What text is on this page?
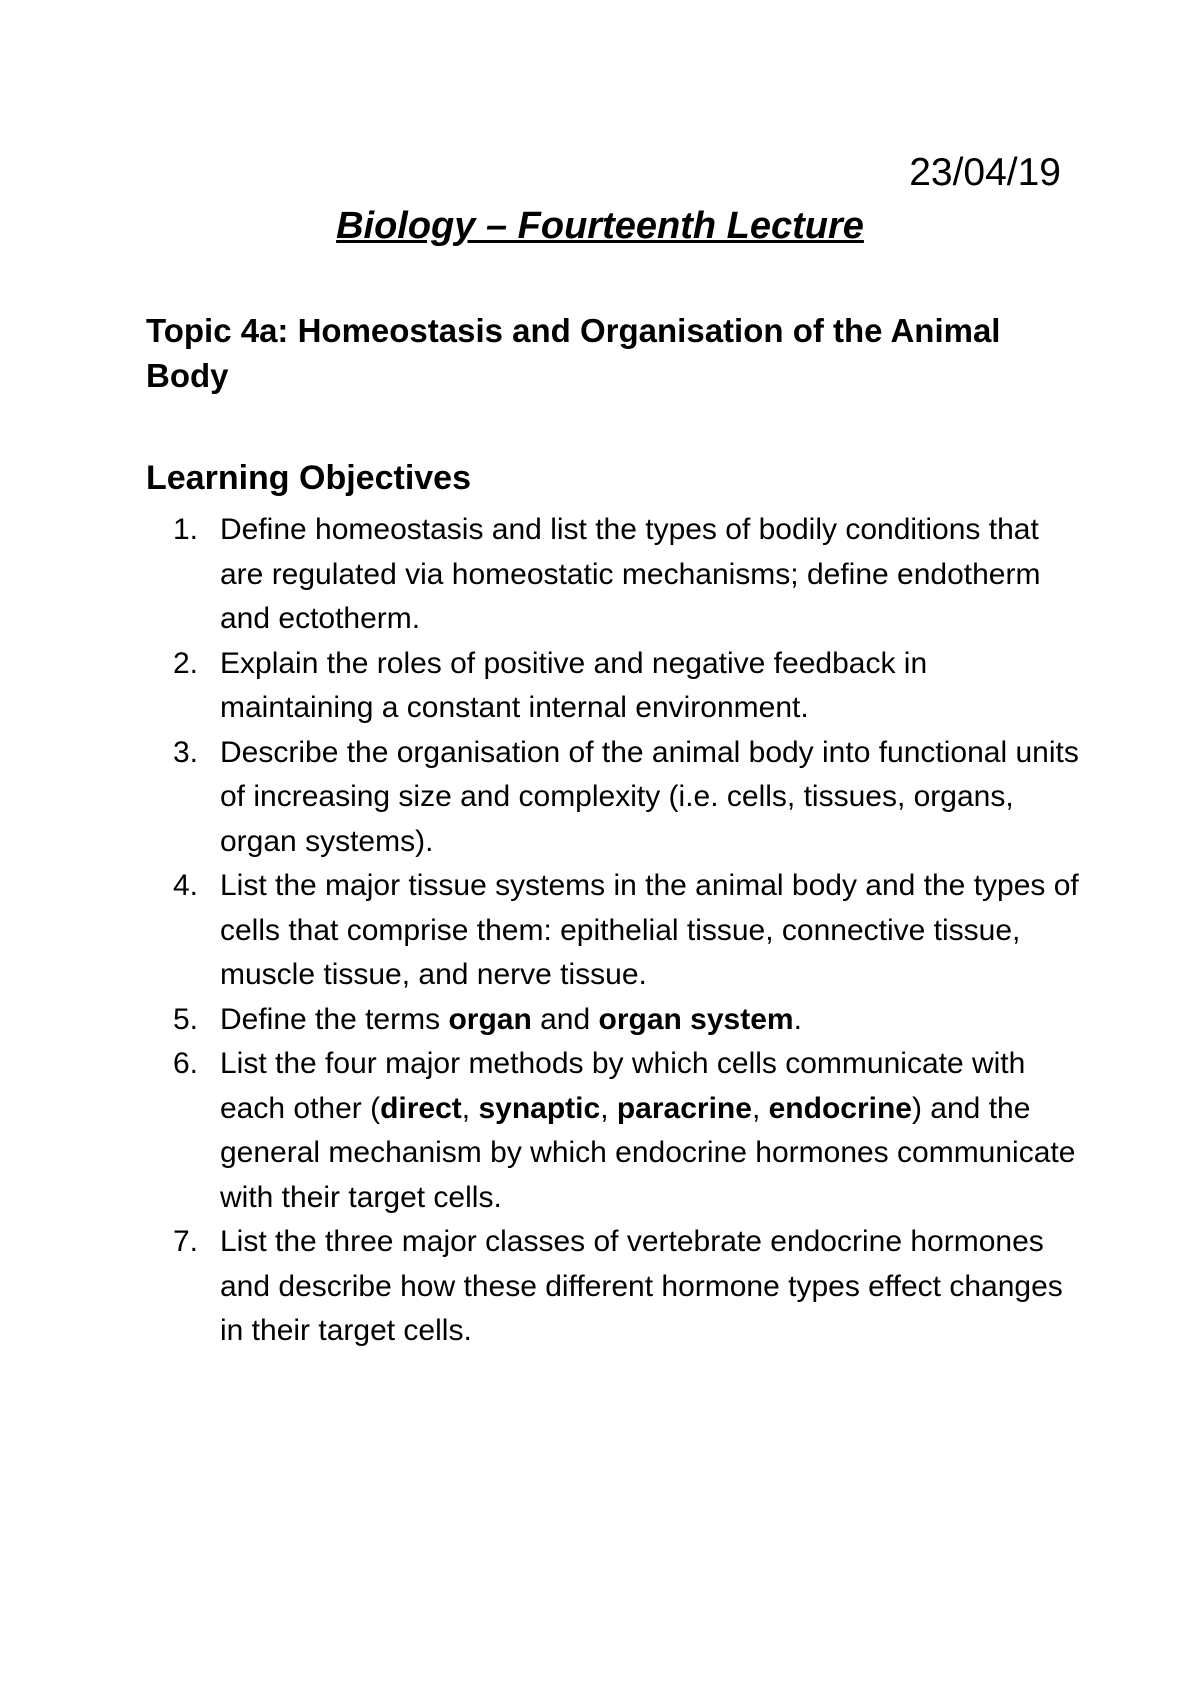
23/04/19
Biology – Fourteenth Lecture
Topic 4a: Homeostasis and Organisation of the Animal Body
Learning Objectives
1. Define homeostasis and list the types of bodily conditions that are regulated via homeostatic mechanisms; define endotherm and ectotherm.
2. Explain the roles of positive and negative feedback in maintaining a constant internal environment.
3. Describe the organisation of the animal body into functional units of increasing size and complexity (i.e. cells, tissues, organs, organ systems).
4. List the major tissue systems in the animal body and the types of cells that comprise them: epithelial tissue, connective tissue, muscle tissue, and nerve tissue.
5. Define the terms organ and organ system.
6. List the four major methods by which cells communicate with each other (direct, synaptic, paracrine, endocrine) and the general mechanism by which endocrine hormones communicate with their target cells.
7. List the three major classes of vertebrate endocrine hormones and describe how these different hormone types effect changes in their target cells.
